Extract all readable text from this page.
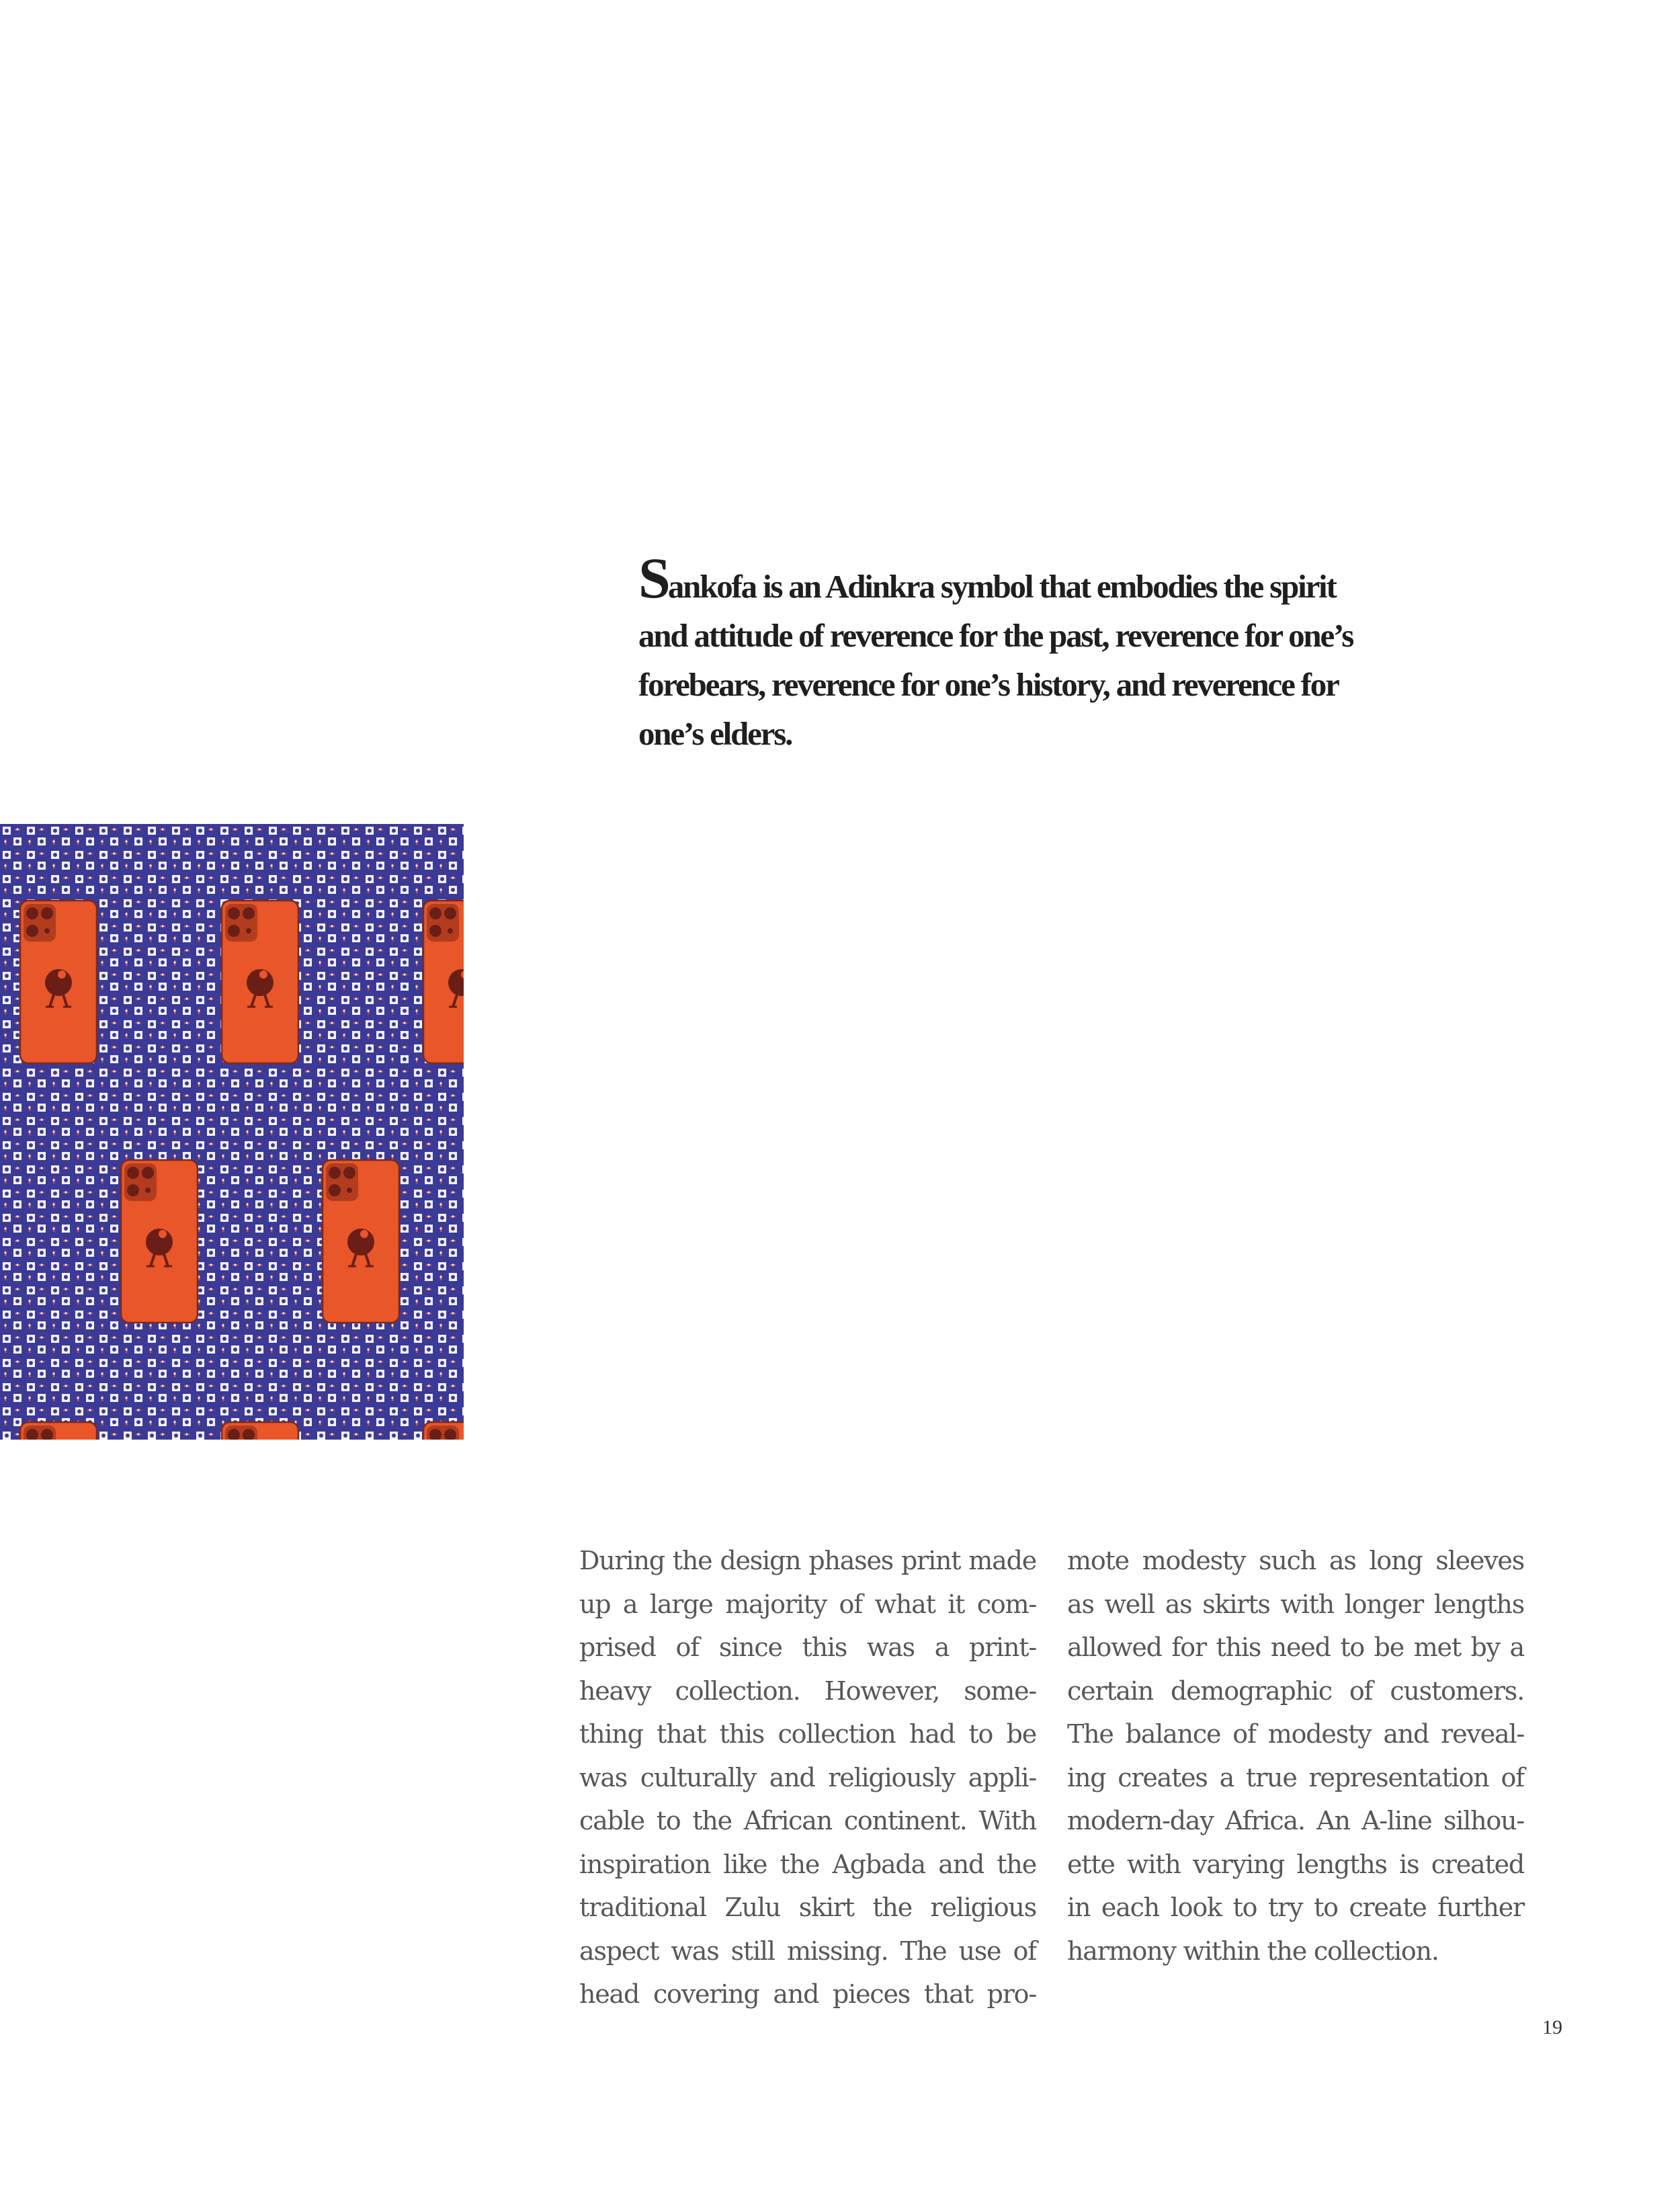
Sankofa is an Adinkra symbol that embodies the spirit
and attitude of reverence for the past, reverence for one’s
forebears, reverence for one’s history, and reverence for
one’s elders.

During the design phases print made
up a large majority of what it com-
prised of since this was a print-
heavy collection. However, some-
thing that this collection had to be
was culturally and religiously appli-
cable to the African continent. With
inspiration like the Agbada and the
traditional Zulu skirt the religious
aspect was still missing. The use of
head covering and pieces that pro-
mote modesty such as long sleeves
as well as skirts with longer lengths
allowed for this need to be met by a
certain demographic of customers.
The balance of modesty and reveal-
ing creates a true representation of
modern-day Africa. An A-line silhou-
ette with varying lengths is created
in each look to try to create further
harmony within the collection.
19
